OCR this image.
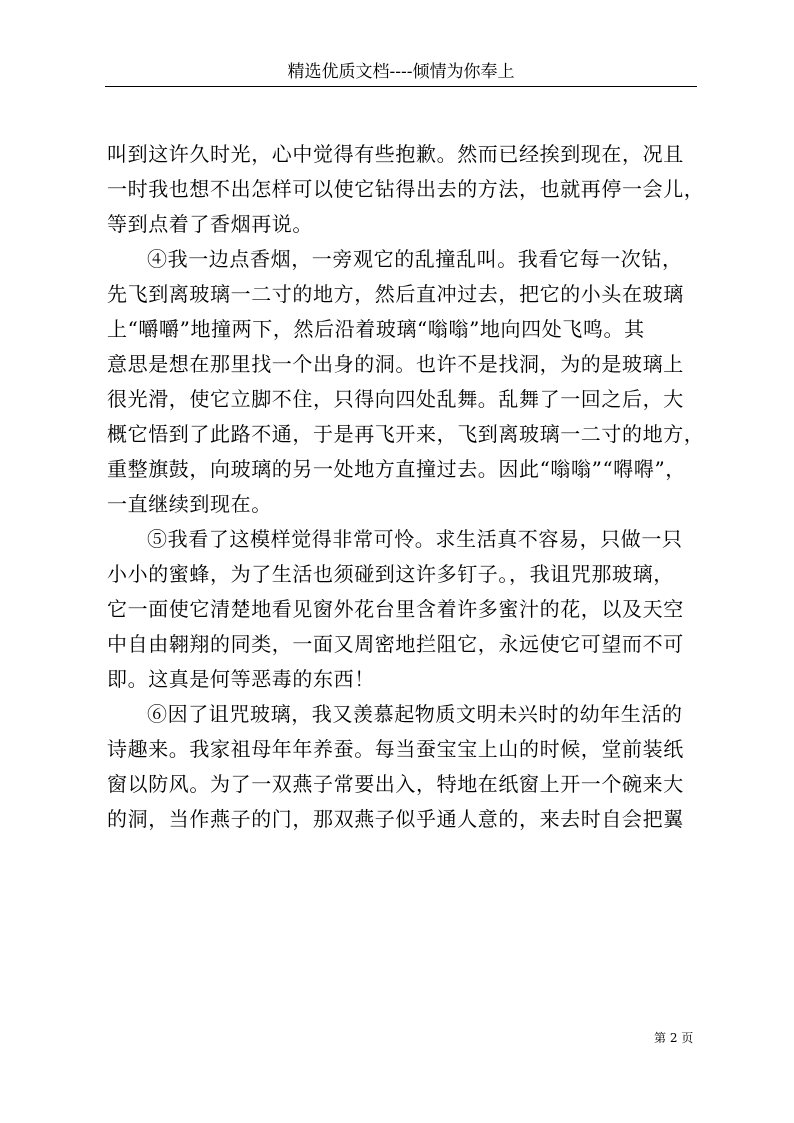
精选优质文档----倾情为你奉上
叫到这许久时光，心中觉得有些抱歉。然而已经挨到现在，况且
一时我也想不出怎样可以使它钻得出去的方法，也就再停一会儿，
等到点着了香烟再说。
④我一边点香烟，一旁观它的乱撞乱叫。我看它每一次钻，
先飞到离玻璃一二寸的地方，然后直冲过去，把它的小头在玻璃
上“嚼嚼”地撞两下，然后沿着玻璃“嗡嗡”地向四处飞鸣。其
意思是想在那里找一个出身的洞。也许不是找洞，为的是玻璃上
很光滑，使它立脚不住，只得向四处乱舞。乱舞了一回之后，大
概它悟到了此路不通，于是再飞开来，飞到离玻璃一二寸的地方，
重整旗鼓，向玻璃的另一处地方直撞过去。因此“嗡嗡”“嘚嘚”，
一直继续到现在。
⑤我看了这模样觉得非常可怜。求生活真不容易，只做一只
小小的蜜蜂，为了生活也须碰到这许多钉子。，我诅咒那玻璃，
它一面使它清楚地看见窗外花台里含着许多蜜汁的花，以及天空
中自由翱翔的同类，一面又周密地拦阻它，永远使它可望而不可
即。这真是何等恶毒的东西！
⑥因了诅咒玻璃，我又羡慕起物质文明未兴时的幼年生活的
诗趣来。我家祖母年年养蚕。每当蚕宝宝上山的时候，堂前装纸
窗以防风。为了一双燕子常要出入，特地在纸窗上开一个碗来大
的洞，当作燕子的门，那双燕子似乎通人意的，来去时自会把翼
第 2 页
